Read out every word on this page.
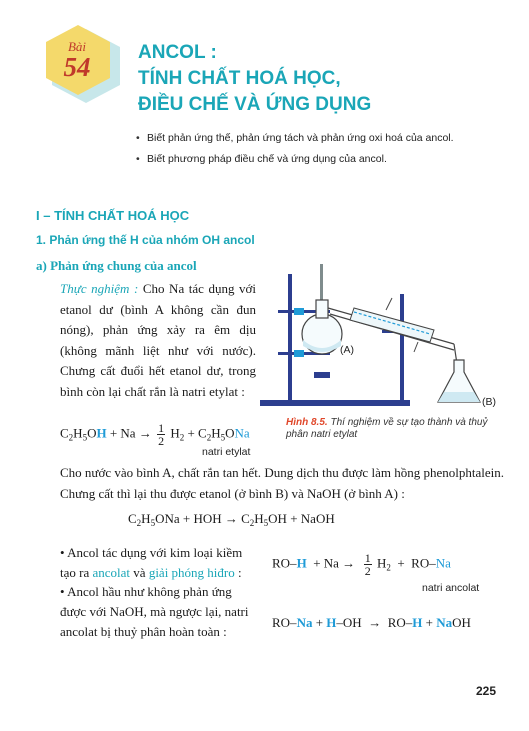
Bài
54	ANCOL :
TÍNH CHẤT HOÁ HỌC,
ĐIỀU CHẾ VÀ ỨNG DỤNG
• Biết phản ứng thế, phản ứng tách và phản ứng oxi hoá của ancol.
• Biết phương pháp điều chế và ứng dụng của ancol.
I – TÍNH CHẤT HOÁ HỌC
1. Phản ứng thế H của nhóm OH ancol
a) Phản ứng chung của ancol
Thực nghiệm : Cho Na tác dụng với etanol dư (bình A không cần đun nóng), phản ứng xảy ra êm dịu (không mãnh liệt như với nước). Chưng cất đuổi hết etanol dư, trong bình còn lại chất rắn là natri etylat :
(A)
(B)
Hình 8.5. Thí nghiệm về sự tạo thành và thuỷ phân natri etylat
$C_2H_5OH + Na \to \frac{1}{2} H_2 + C_2H_5ONa$
natri etylat
Cho nước vào bình A, chất rắn tan hết. Dung dịch thu được làm hồng phenolphtalein. Chưng cất thì lại thu được etanol (ở bình B) và NaOH (ở bình A) :
$C_2H_5ONa$ + HOH → $C_2H_5OH$ + NaOH
• Ancol tác dụng với kim loại kiềm tạo ra ancolat và giải phóng hiđro :
$RO-H + Na \to \frac{1}{2} H_2 + RO-Na$
natri ancolat
• Ancol hầu như không phản ứng được với NaOH, mà ngược lại, natri ancolat bị thuỷ phân hoàn toàn :
RO–Na + H–OH  →  RO–H + NaOH
225
